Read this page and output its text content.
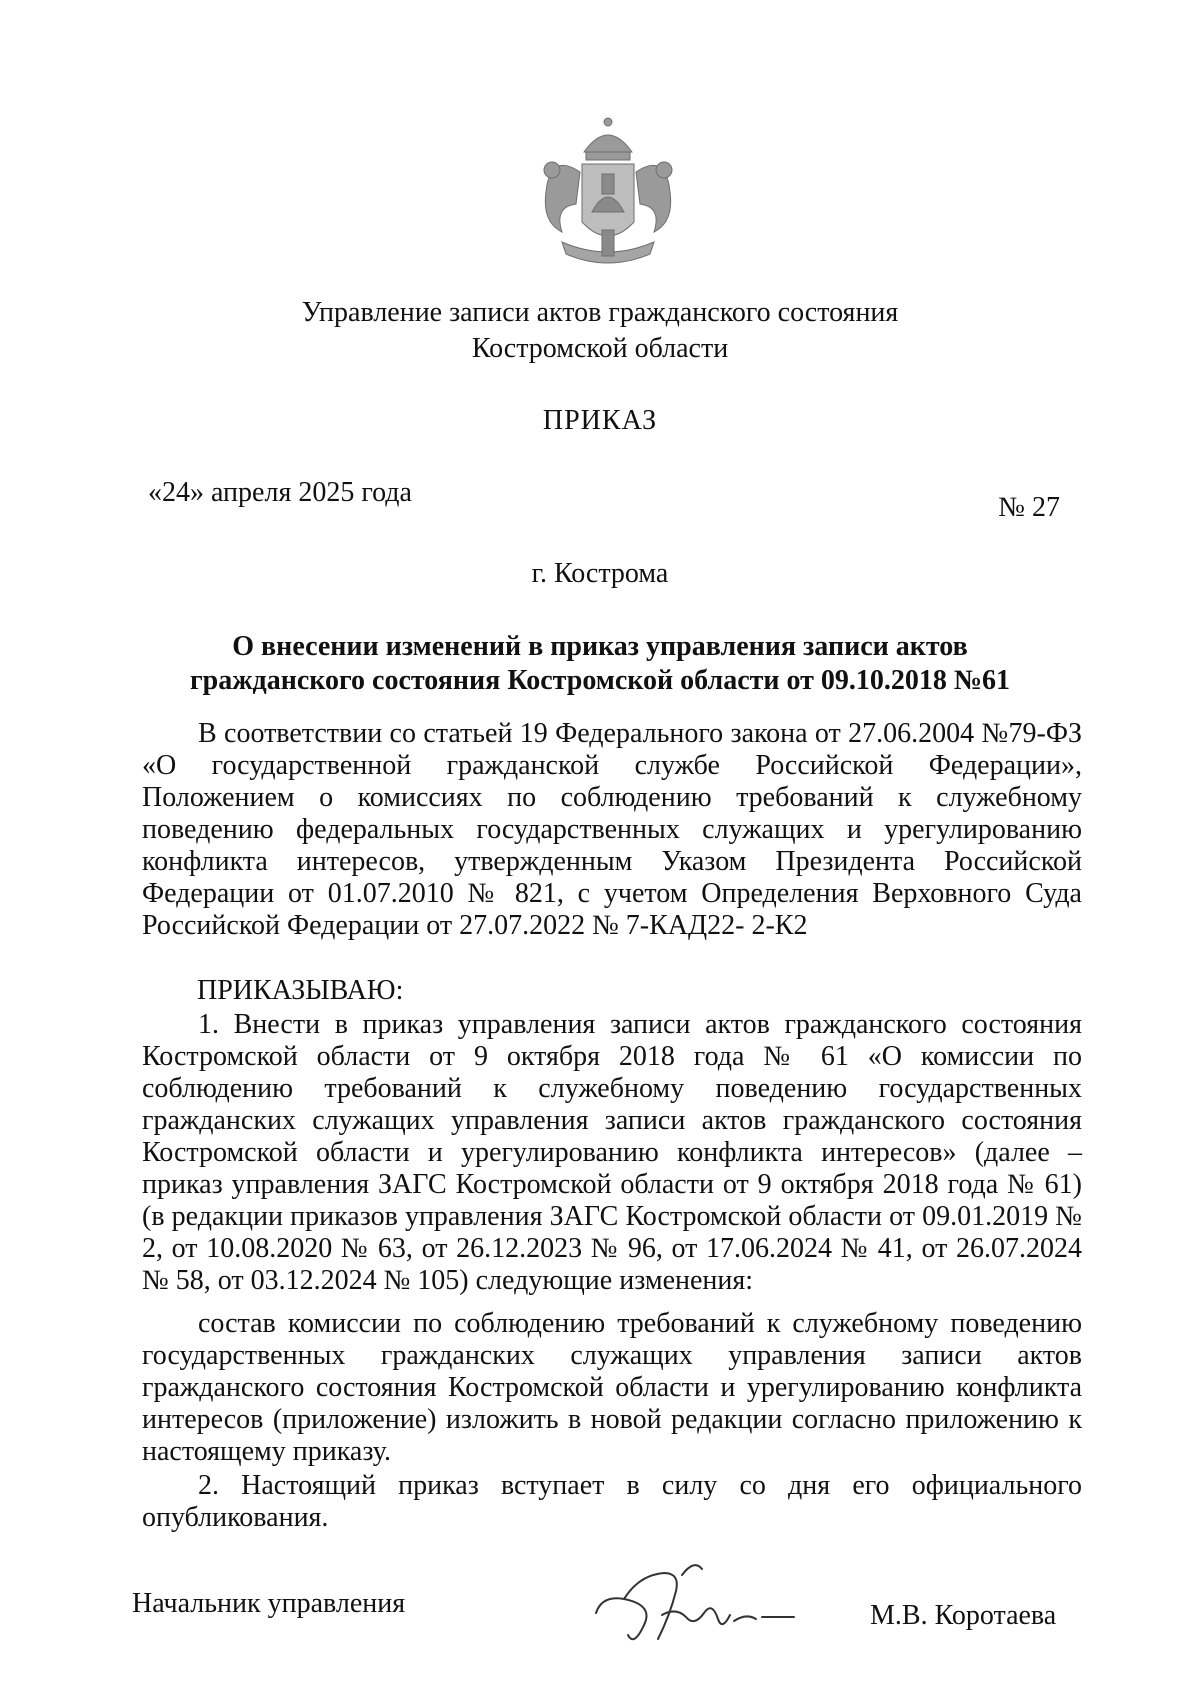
Управление записи актов гражданского состояния
Костромской области
ПРИКАЗ
«24» апреля 2025 года	№ 27
г. Кострома
О внесении изменений в приказ управления записи актов
гражданского состояния Костромской области от 09.10.2018 №61

В соответствии со статьей 19 Федерального закона от 27.06.2004 №79-ФЗ «О государственной гражданской службе Российской Федерации», Положением о комиссиях по соблюдению требований к служебному поведению федеральных государственных служащих и урегулированию конфликта интересов, утвержденным Указом Президента Российской Федерации от 01.07.2010 № 821, с учетом Определения Верховного Суда Российской Федерации от 27.07.2022 № 7-КАД22- 2-К2

ПРИКАЗЫВАЮ:

1. Внести в приказ управления записи актов гражданского состояния Костромской области от 9 октября 2018 года № 61 «О комиссии по соблюдению требований к служебному поведению государственных гражданских служащих управления записи актов гражданского состояния Костромской области и урегулированию конфликта интересов» (далее – приказ управления ЗАГС Костромской области от 9 октября 2018 года № 61) (в редакции приказов управления ЗАГС Костромской области от 09.01.2019 № 2, от 10.08.2020 № 63, от 26.12.2023 № 96, от 17.06.2024 № 41, от 26.07.2024 № 58, от 03.12.2024 № 105) следующие изменения:

состав комиссии по соблюдению требований к служебному поведению государственных гражданских служащих управления записи актов гражданского состояния Костромской области и урегулированию конфликта интересов (приложение) изложить в новой редакции согласно приложению к настоящему приказу.

2. Настоящий приказ вступает в силу со дня его официального опубликования.

Начальник управления	М.В. Коротаева
